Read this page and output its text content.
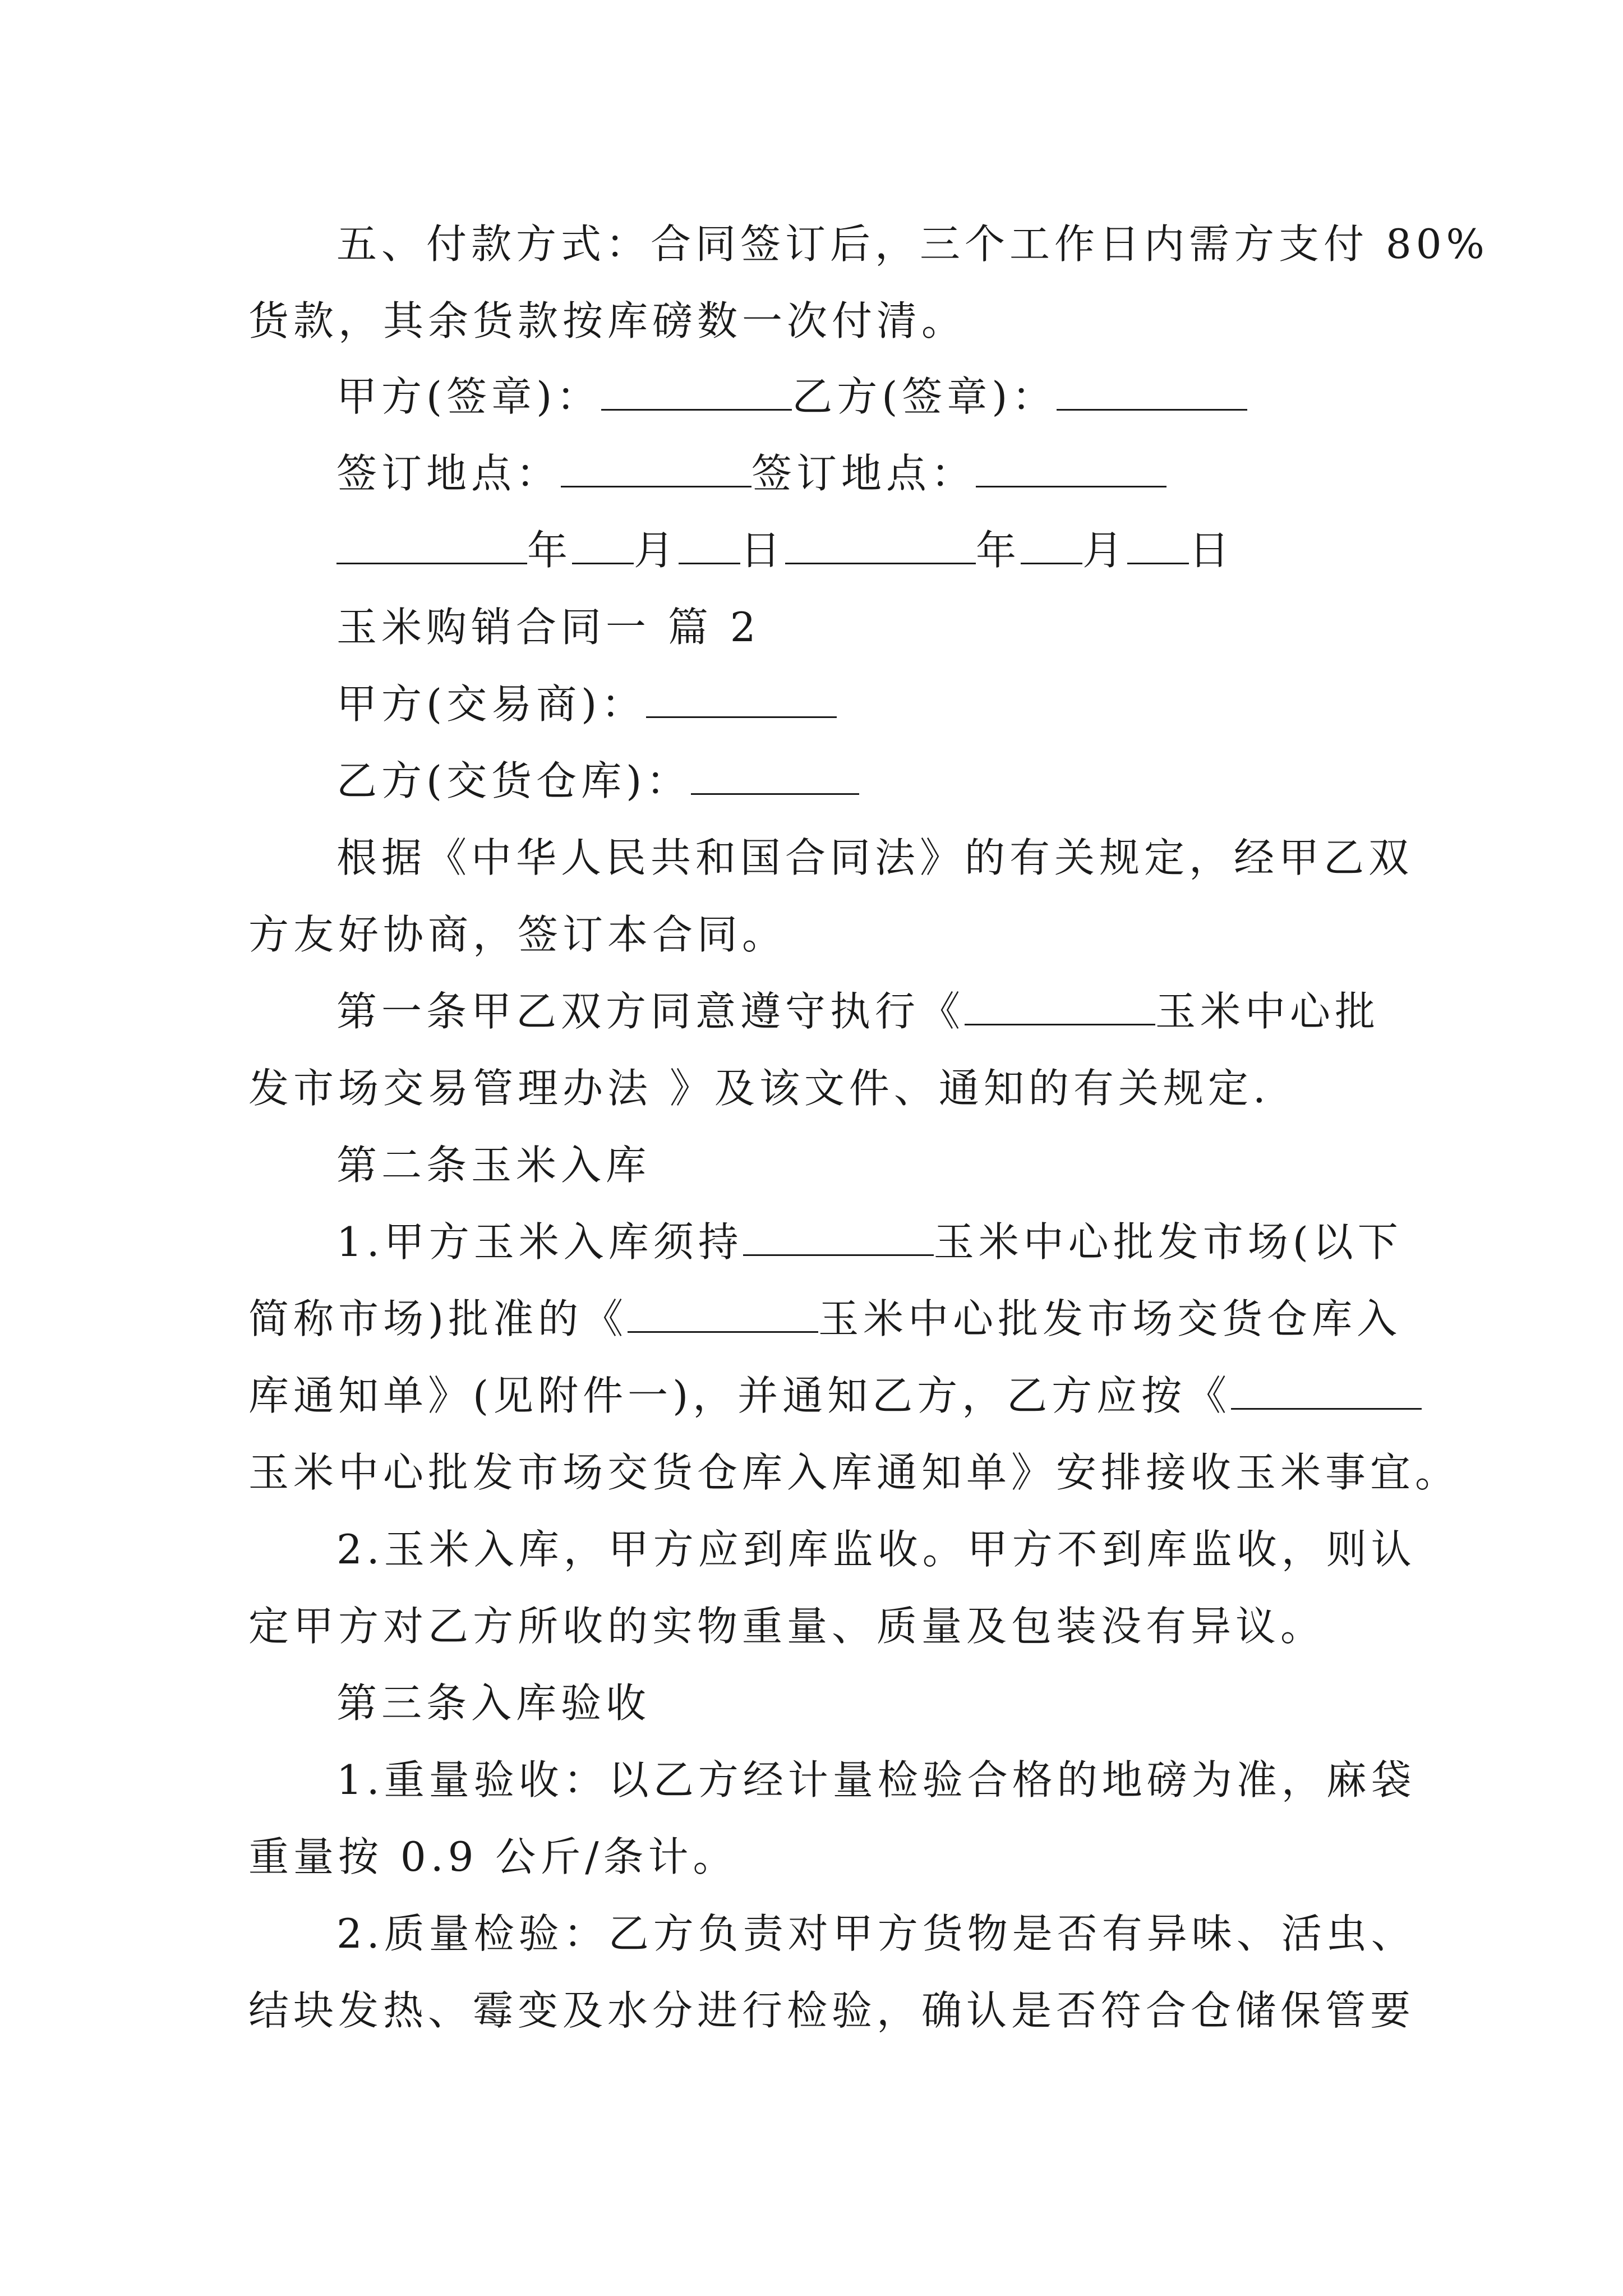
五、付款方式：合同签订后，三个工作日内需方支付 80%
货款，其余货款按库磅数一次付清。
甲方(签章)：	乙方(签章)：
签订地点：	签订地点：
年 月 日	年 月 日
玉米购销合同一 篇 2
甲方(交易商)：
乙方(交货仓库)：
根据《中华人民共和国合同法》的有关规定，经甲乙双
方友好协商，签订本合同。
第一条甲乙双方同意遵守执行《	玉米中心批
发市场交易管理办法 》及该文件、通知的有关规定.
第二条玉米入库
1.甲方玉米入库须持	玉米中心批发市场(以下
简称市场)批准的《	玉米中心批发市场交货仓库入
库通知单》(见附件一)，并通知乙方，乙方应按《
玉米中心批发市场交货仓库入库通知单》安排接收玉米事宜。
2.玉米入库，甲方应到库监收。甲方不到库监收，则认
定甲方对乙方所收的实物重量、质量及包装没有异议。
第三条入库验收
1.重量验收：以乙方经计量检验合格的地磅为准，麻袋
重量按 0.9 公斤/条计。
2.质量检验：乙方负责对甲方货物是否有异味、活虫、
结块发热、霉变及水分进行检验，确认是否符合仓储保管要
